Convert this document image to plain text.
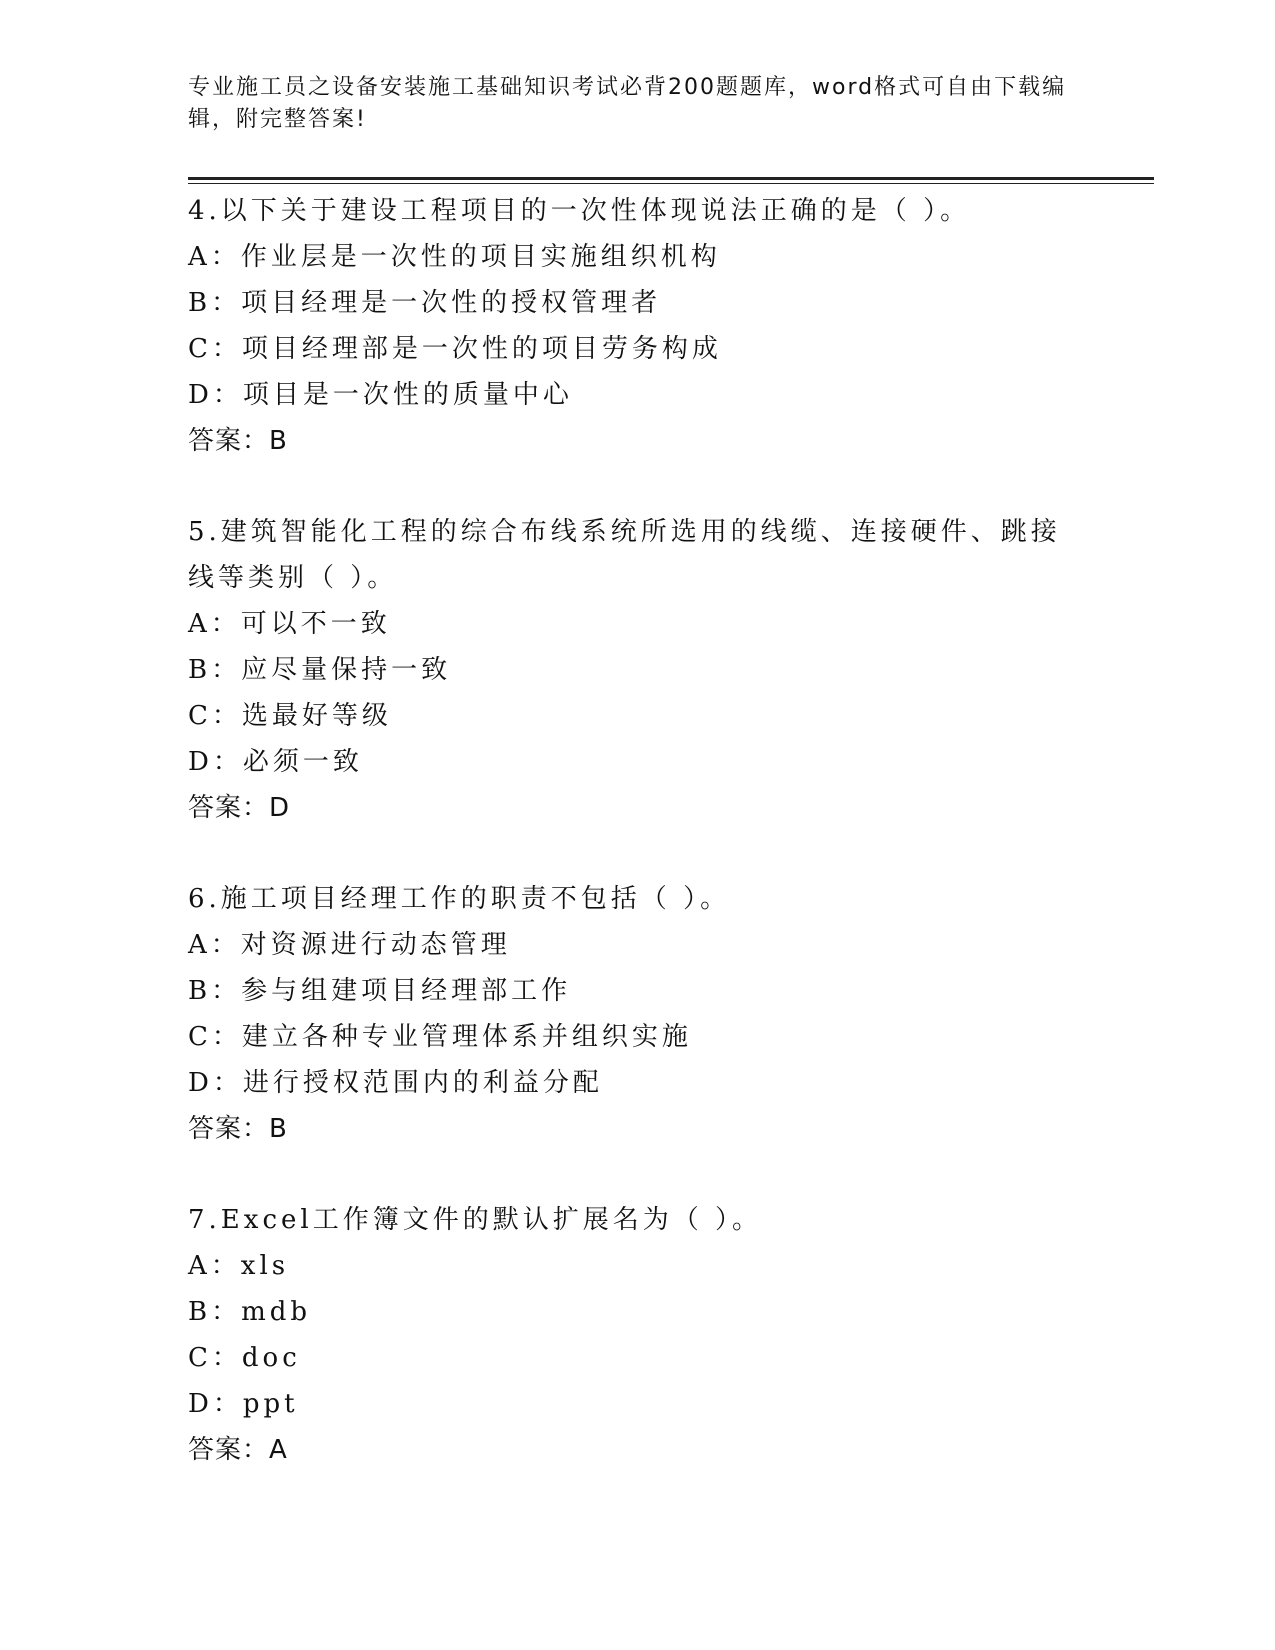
专业施工员之设备安装施工基础知识考试必背200题题库，word格式可自由下载编辑，附完整答案!
4.以下关于建设工程项目的一次性体现说法正确的是（ ）。
A：作业层是一次性的项目实施组织机构
B：项目经理是一次性的授权管理者
C：项目经理部是一次性的项目劳务构成
D：项目是一次性的质量中心
答案：B
5.建筑智能化工程的综合布线系统所选用的线缆、连接硬件、跳接线等类别（ ）。
A：可以不一致
B：应尽量保持一致
C：选最好等级
D：必须一致
答案：D
6.施工项目经理工作的职责不包括（ ）。
A：对资源进行动态管理
B：参与组建项目经理部工作
C：建立各种专业管理体系并组织实施
D：进行授权范围内的利益分配
答案：B
7.Excel工作簿文件的默认扩展名为（ ）。
A：xls
B：mdb
C：doc
D：ppt
答案：A
